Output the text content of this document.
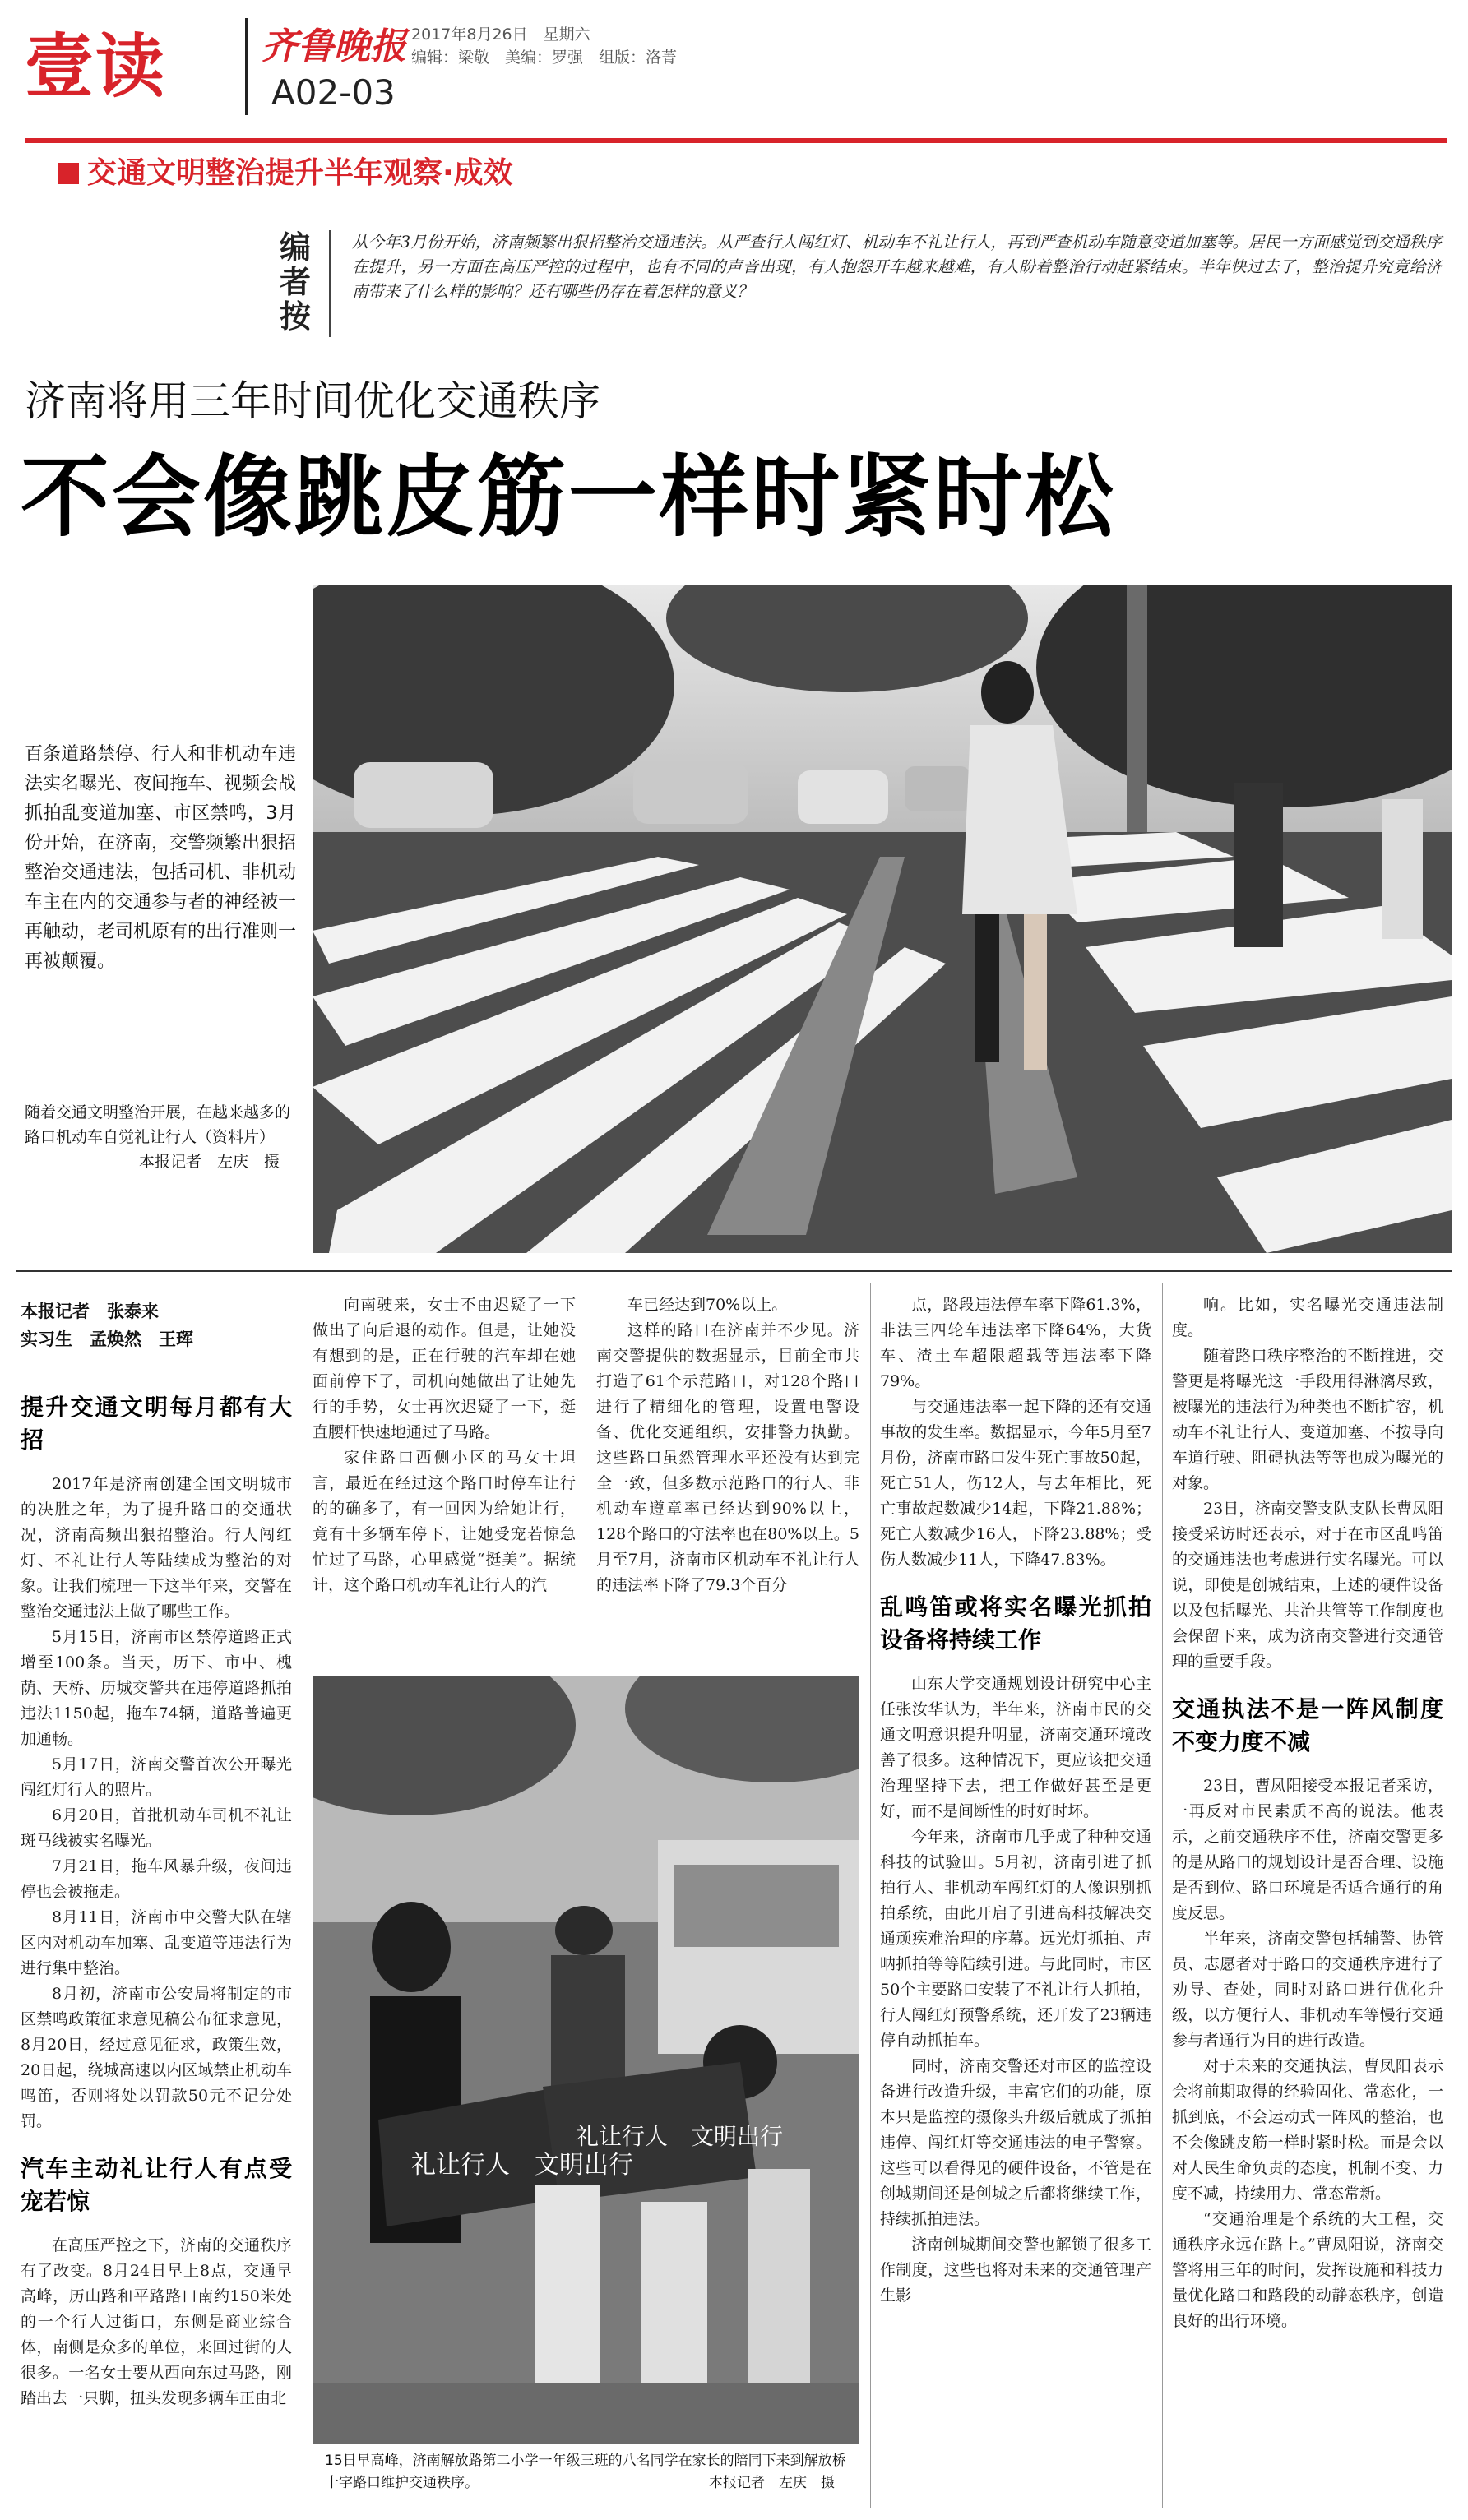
壹读	齐鲁晚报 2017年8月26日　星期六
编辑：梁敬　美编：罗强　组版：洛菁
A02-03
交通文明整治提升半年观察·成效
编者按
从今年3月份开始，济南频繁出狠招整治交通违法。从严查行人闯红灯、机动车不礼让行人，再到严查机动车随意变道加塞等。居民一方面感觉到交通秩序在提升，另一方面在高压严控的过程中，也有不同的声音出现，有人抱怨开车越来越难，有人盼着整治行动赶紧结束。半年快过去了，整治提升究竟给济南带来了什么样的影响？还有哪些仍存在着怎样的意义？
济南将用三年时间优化交通秩序
不会像跳皮筋一样时紧时松
百条道路禁停、行人和非机动车违法实名曝光、夜间拖车、视频会战抓拍乱变道加塞、市区禁鸣，3月份开始，在济南，交警频繁出狠招整治交通违法，包括司机、非机动车主在内的交通参与者的神经被一再触动，老司机原有的出行准则一再被颠覆。
随着交通文明整治开展，在越来越多的路口机动车自觉礼让行人（资料片）
本报记者　左庆　摄
本报记者　张泰来
实习生　孟焕然　王珲
提升交通文明每月都有大招

2017年是济南创建全国文明城市的决胜之年，为了提升路口的交通状况，济南高频出狠招整治。行人闯红灯、不礼让行人等陆续成为整治的对象。让我们梳理一下这半年来，交警在整治交通违法上做了哪些工作。

5月15日，济南市区禁停道路正式增至100条。当天，历下、市中、槐荫、天桥、历城交警共在违停道路抓拍违法1150起，拖车74辆，道路普遍更加通畅。

5月17日，济南交警首次公开曝光闯红灯行人的照片。

6月20日，首批机动车司机不礼让斑马线被实名曝光。

7月21日，拖车风暴升级，夜间违停也会被拖走。

8月11日，济南市中交警大队在辖区内对机动车加塞、乱变道等违法行为进行集中整治。

8月初，济南市公安局将制定的市区禁鸣政策征求意见稿公布征求意见，8月20日，经过意见征求，政策生效，20日起，绕城高速以内区域禁止机动车鸣笛，否则将处以罚款50元不记分处罚。

汽车主动礼让行人有点受宠若惊

在高压严控之下，济南的交通秩序有了改变。8月24日早上8点，交通早高峰，历山路和平路路口南约150米处的一个行人过街口，东侧是商业综合体，南侧是众多的单位，来回过街的人很多。一名女士要从西向东过马路，刚踏出去一只脚，扭头发现多辆车正由北

向南驶来，女士不由迟疑了一下做出了向后退的动作。但是，让她没有想到的是，正在行驶的汽车却在她面前停下了，司机向她做出了让她先行的手势，女士再次迟疑了一下，挺直腰杆快速地通过了马路。

家住路口西侧小区的马女士坦言，最近在经过这个路口时停车让行的的确多了，有一回因为给她让行，竟有十多辆车停下，让她受宠若惊急忙过了马路，心里感觉“挺美”。据统计，这个路口机动车礼让行人的汽

车已经达到70%以上。

这样的路口在济南并不少见。济南交警提供的数据显示，目前全市共打造了61个示范路口，对128个路口进行了精细化的管理，设置电警设备、优化交通组织，安排警力执勤。这些路口虽然管理水平还没有达到完全一致，但多数示范路口的行人、非机动车遵章率已经达到90%以上，128个路口的守法率也在80%以上。5月至7月，济南市区机动车不礼让行人的违法率下降了79.3个百分

礼让行人　文明出行
礼让行人　文明出行
15日早高峰，济南解放路第二小学一年级三班的八名同学在家长的陪同下来到解放桥十字路口维护交通秩序。	本报记者　左庆　摄

点，路段违法停车率下降61.3%，非法三四轮车违法率下降64%，大货车、渣土车超限超载等违法率下降79%。

与交通违法率一起下降的还有交通事故的发生率。数据显示，今年5月至7月份，济南市路口发生死亡事故50起，死亡51人，伤12人，与去年相比，死亡事故起数减少14起，下降21.88%；死亡人数减少16人，下降23.88%；受伤人数减少11人，下降47.83%。

乱鸣笛或将实名曝光抓拍设备将持续工作

山东大学交通规划设计研究中心主任张汝华认为，半年来，济南市民的交通文明意识提升明显，济南交通环境改善了很多。这种情况下，更应该把交通治理坚持下去，把工作做好甚至是更好，而不是间断性的时好时坏。

今年来，济南市几乎成了种种交通科技的试验田。5月初，济南引进了抓拍行人、非机动车闯红灯的人像识别抓拍系统，由此开启了引进高科技解决交通顽疾难治理的序幕。远光灯抓拍、声呐抓拍等等陆续引进。与此同时，市区50个主要路口安装了不礼让行人抓拍，行人闯红灯预警系统，还开发了23辆违停自动抓拍车。

同时，济南交警还对市区的监控设备进行改造升级，丰富它们的功能，原本只是监控的摄像头升级后就成了抓拍违停、闯红灯等交通违法的电子警察。这些可以看得见的硬件设备，不管是在创城期间还是创城之后都将继续工作，持续抓拍违法。

济南创城期间交警也解锁了很多工作制度，这些也将对未来的交通管理产生影

响。比如，实名曝光交通违法制度。

随着路口秩序整治的不断推进，交警更是将曝光这一手段用得淋漓尽致，被曝光的违法行为种类也不断扩容，机动车不礼让行人、变道加塞、不按导向车道行驶、阻碍执法等等也成为曝光的对象。

23日，济南交警支队支队长曹凤阳接受采访时还表示，对于在市区乱鸣笛的交通违法也考虑进行实名曝光。可以说，即使是创城结束，上述的硬件设备以及包括曝光、共治共管等工作制度也会保留下来，成为济南交警进行交通管理的重要手段。

交通执法不是一阵风制度不变力度不减

23日，曹凤阳接受本报记者采访，一再反对市民素质不高的说法。他表示，之前交通秩序不佳，济南交警更多的是从路口的规划设计是否合理、设施是否到位、路口环境是否适合通行的角度反思。

半年来，济南交警包括辅警、协管员、志愿者对于路口的交通秩序进行了劝导、查处，同时对路口进行优化升级，以方便行人、非机动车等慢行交通参与者通行为目的进行改造。

对于未来的交通执法，曹凤阳表示会将前期取得的经验固化、常态化，一抓到底，不会运动式一阵风的整治，也不会像跳皮筋一样时紧时松。而是会以对人民生命负责的态度，机制不变、力度不减，持续用力、常态常新。

“交通治理是个系统的大工程，交通秩序永远在路上。”曹凤阳说，济南交警将用三年的时间，发挥设施和科技力量优化路口和路段的动静态秩序，创造良好的出行环境。
